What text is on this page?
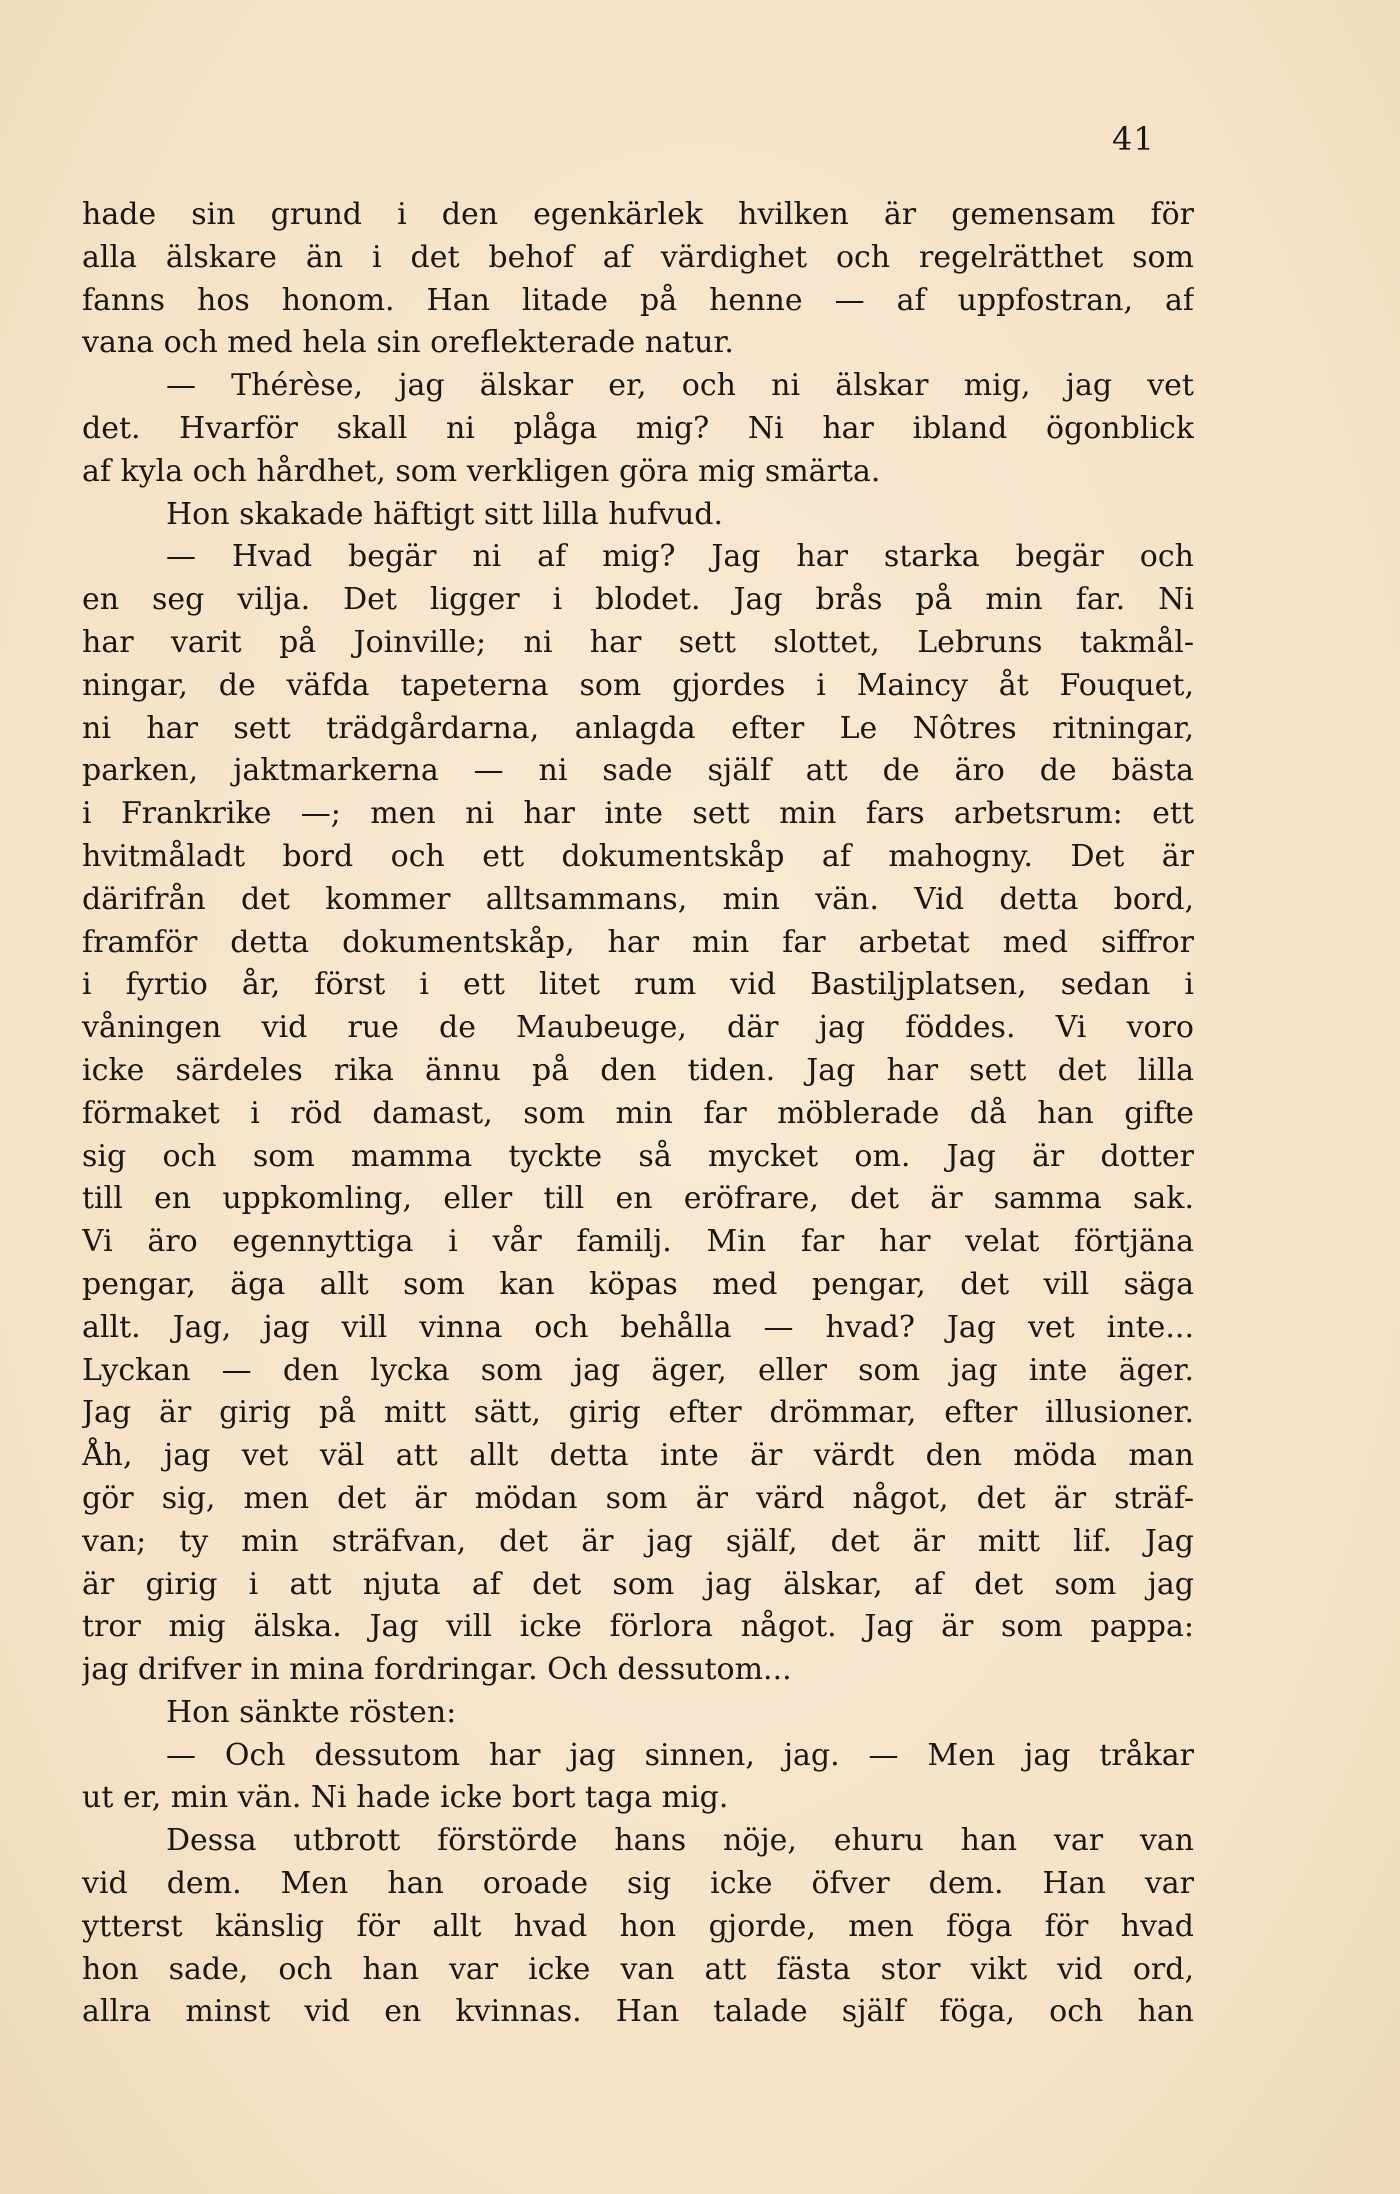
41
hade sin grund i den egenkärlek hvilken är gemensam för
alla älskare än i det behof af värdighet och regelrätthet som
fanns hos honom. Han litade på henne — af uppfostran, af
vana och med hela sin oreflekterade natur.
— Thérèse, jag älskar er, och ni älskar mig, jag vet
det. Hvarför skall ni plåga mig? Ni har ibland ögonblick
af kyla och hårdhet, som verkligen göra mig smärta.
Hon skakade häftigt sitt lilla hufvud.
— Hvad begär ni af mig? Jag har starka begär och
en seg vilja. Det ligger i blodet. Jag brås på min far. Ni
har varit på Joinville; ni har sett slottet, Lebruns takmål-
ningar, de väfda tapeterna som gjordes i Maincy åt Fouquet,
ni har sett trädgårdarna, anlagda efter Le Nôtres ritningar,
parken, jaktmarkerna — ni sade själf att de äro de bästa
i Frankrike —; men ni har inte sett min fars arbetsrum: ett
hvitmåladt bord och ett dokumentskåp af mahogny. Det är
därifrån det kommer alltsammans, min vän. Vid detta bord,
framför detta dokumentskåp, har min far arbetat med siffror
i fyrtio år, först i ett litet rum vid Bastiljplatsen, sedan i
våningen vid rue de Maubeuge, där jag föddes. Vi voro
icke särdeles rika ännu på den tiden. Jag har sett det lilla
förmaket i röd damast, som min far möblerade då han gifte
sig och som mamma tyckte så mycket om. Jag är dotter
till en uppkomling, eller till en eröfrare, det är samma sak.
Vi äro egennyttiga i vår familj. Min far har velat förtjäna
pengar, äga allt som kan köpas med pengar, det vill säga
allt. Jag, jag vill vinna och behålla — hvad? Jag vet inte...
Lyckan — den lycka som jag äger, eller som jag inte äger.
Jag är girig på mitt sätt, girig efter drömmar, efter illusioner.
Åh, jag vet väl att allt detta inte är värdt den möda man
gör sig, men det är mödan som är värd något, det är sträf-
van; ty min sträfvan, det är jag själf, det är mitt lif. Jag
är girig i att njuta af det som jag älskar, af det som jag
tror mig älska. Jag vill icke förlora något. Jag är som pappa:
jag drifver in mina fordringar. Och dessutom...
Hon sänkte rösten:
— Och dessutom har jag sinnen, jag. — Men jag tråkar
ut er, min vän. Ni hade icke bort taga mig.
Dessa utbrott förstörde hans nöje, ehuru han var van
vid dem. Men han oroade sig icke öfver dem. Han var
ytterst känslig för allt hvad hon gjorde, men föga för hvad
hon sade, och han var icke van att fästa stor vikt vid ord,
allra minst vid en kvinnas. Han talade själf föga, och han
